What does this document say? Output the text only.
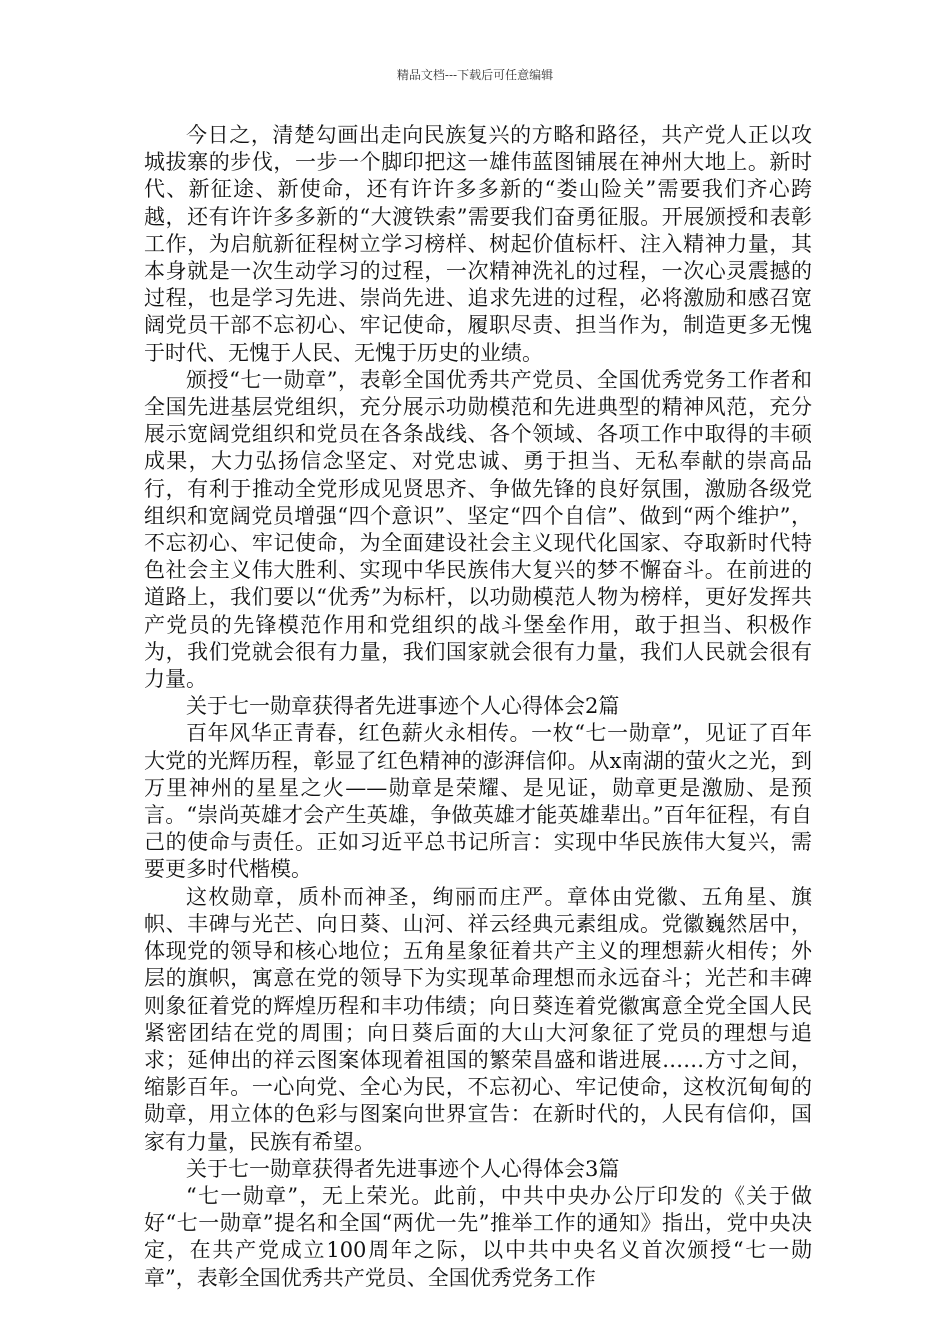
精品文档---下载后可任意编辑

今日之，清楚勾画出走向民族复兴的方略和路径，共产党人正以攻城拔寨的步伐，一步一个脚印把这一雄伟蓝图铺展在神州大地上。新时代、新征途、新使命，还有许许多多新的“娄山险关”需要我们齐心跨越，还有许许多多新的“大渡铁索”需要我们奋勇征服。开展颁授和表彰工作，为启航新征程树立学习榜样、树起价值标杆、注入精神力量，其本身就是一次生动学习的过程，一次精神洗礼的过程，一次心灵震撼的过程，也是学习先进、崇尚先进、追求先进的过程，必将激励和感召宽阔党员干部不忘初心、牢记使命，履职尽责、担当作为，制造更多无愧于时代、无愧于人民、无愧于历史的业绩。

颁授“七一勋章”，表彰全国优秀共产党员、全国优秀党务工作者和全国先进基层党组织，充分展示功勋模范和先进典型的精神风范，充分展示宽阔党组织和党员在各条战线、各个领域、各项工作中取得的丰硕成果，大力弘扬信念坚定、对党忠诚、勇于担当、无私奉献的崇高品行，有利于推动全党形成见贤思齐、争做先锋的良好氛围，激励各级党组织和宽阔党员增强“四个意识”、坚定“四个自信”、做到“两个维护”，不忘初心、牢记使命，为全面建设社会主义现代化国家、夺取新时代特色社会主义伟大胜利、实现中华民族伟大复兴的梦不懈奋斗。在前进的道路上，我们要以“优秀”为标杆，以功勋模范人物为榜样，更好发挥共产党员的先锋模范作用和党组织的战斗堡垒作用，敢于担当、积极作为，我们党就会很有力量，我们国家就会很有力量，我们人民就会很有力量。

关于七一勋章获得者先进事迹个人心得体会2篇

百年风华正青春，红色薪火永相传。一枚“七一勋章”，见证了百年大党的光辉历程，彰显了红色精神的澎湃信仰。从x南湖的萤火之光，到万里神州的星星之火——勋章是荣耀、是见证，勋章更是激励、是预言。“崇尚英雄才会产生英雄，争做英雄才能英雄辈出。”百年征程，有自己的使命与责任。正如习近平总书记所言：实现中华民族伟大复兴，需要更多时代楷模。

这枚勋章，质朴而神圣，绚丽而庄严。章体由党徽、五角星、旗帜、丰碑与光芒、向日葵、山河、祥云经典元素组成。党徽巍然居中，体现党的领导和核心地位；五角星象征着共产主义的理想薪火相传；外层的旗帜，寓意在党的领导下为实现革命理想而永远奋斗；光芒和丰碑则象征着党的辉煌历程和丰功伟绩；向日葵连着党徽寓意全党全国人民紧密团结在党的周围；向日葵后面的大山大河象征了党员的理想与追求；延伸出的祥云图案体现着祖国的繁荣昌盛和谐进展……方寸之间，缩影百年。一心向党、全心为民，不忘初心、牢记使命，这枚沉甸甸的勋章，用立体的色彩与图案向世界宣告：在新时代的，人民有信仰，国家有力量，民族有希望。

关于七一勋章获得者先进事迹个人心得体会3篇

“七一勋章”，无上荣光。此前，中共中央办公厅印发的《关于做好“七一勋章”提名和全国“两优一先”推举工作的通知》指出，党中央决定，在共产党成立100周年之际，以中共中央名义首次颁授“七一勋章”，表彰全国优秀共产党员、全国优秀党务工作
